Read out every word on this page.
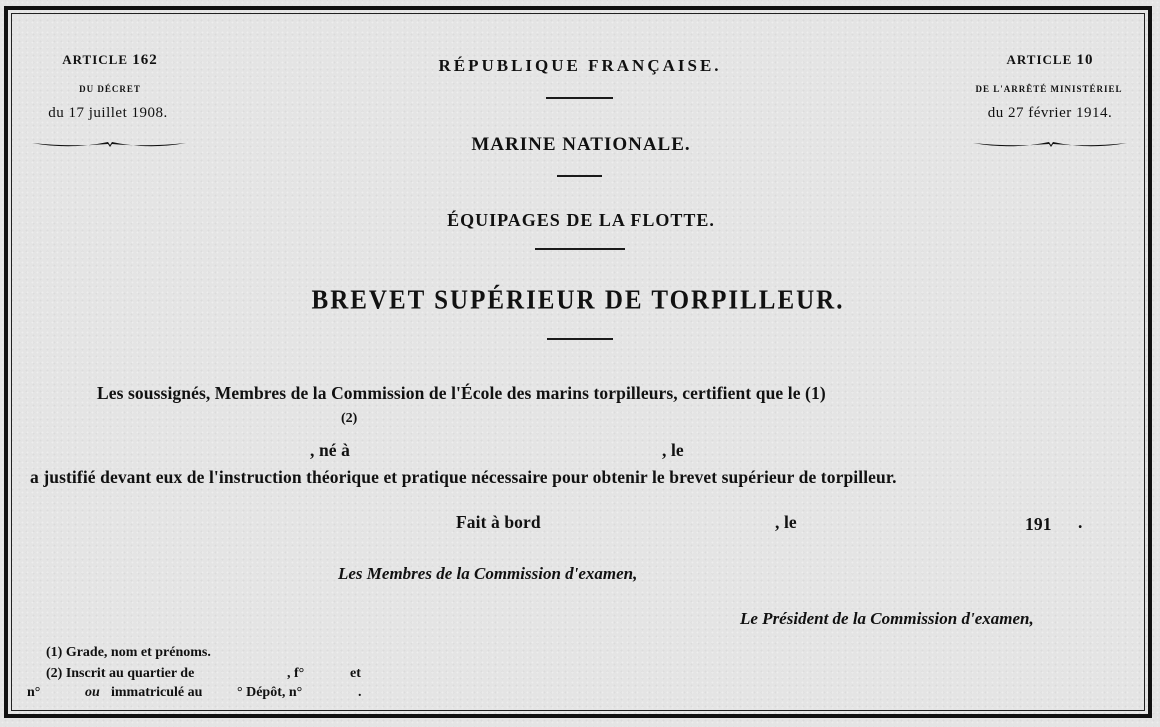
ARTICLE 162
DU DÉCRET
du 17 juillet 1908.
ARTICLE 10
DE L'ARRÊTÉ MINISTÉRIEL
du 27 février 1914.
RÉPUBLIQUE FRANÇAISE.
MARINE NATIONALE.
ÉQUIPAGES DE LA FLOTTE.
BREVET SUPÉRIEUR DE TORPILLEUR.
Les soussignés, Membres de la Commission de l'École des marins torpilleurs, certifient que le (1)
(2)
, né à	, le
a justifié devant eux de l'instruction théorique et pratique nécessaire pour obtenir le brevet supérieur de torpilleur.
Fait à bord	, le	191 .
Les Membres de la Commission d'examen,
Le Président de la Commission d'examen,
(1) Grade, nom et prénoms.
(2) Inscrit au quartier de	, f°	et
n°	ou immatriculé au ° Dépôt, n°	.
